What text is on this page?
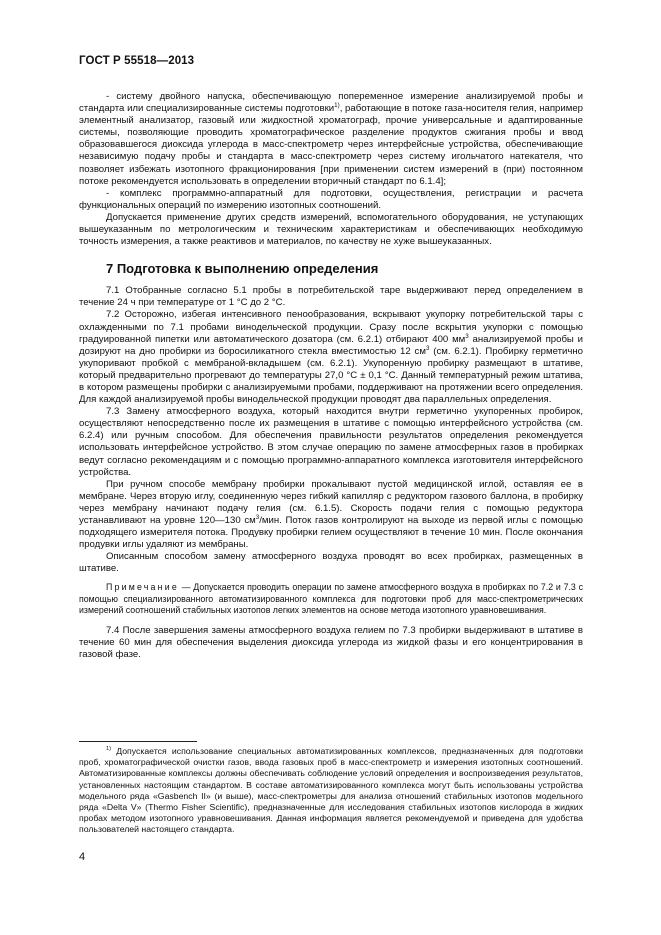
ГОСТ Р 55518—2013

- систему двойного напуска, обеспечивающую попеременное измерение анализируемой пробы и стандарта или специализированные системы подготовки$^{1)}$, работающие в потоке газа-носителя гелия, например элементный анализатор, газовый или жидкостной хроматограф, прочие универсальные и адаптированные системы, позволяющие проводить хроматографическое разделение продуктов сжигания пробы и ввод образовавшегося диоксида углерода в масс-спектрометр через интерфейсные устройства, обеспечивающие независимую подачу пробы и стандарта в масс-спектрометр через систему игольчатого натекателя, что позволяет избежать изотопного фракционирования [при применении систем измерений в (при) постоянном потоке рекомендуется использовать в определении вторичный стандарт по 6.1.4];

- комплекс программно-аппаратный для подготовки, осуществления, регистрации и расчета функциональных операций по измерению изотопных соотношений.

Допускается применение других средств измерений, вспомогательного оборудования, не уступающих вышеуказанным по метрологическим и техническим характеристикам и обеспечивающих необходимую точность измерения, а также реактивов и материалов, по качеству не хуже вышеуказанных.

7 Подготовка к выполнению определения

7.1 Отобранные согласно 5.1 пробы в потребительской таре выдерживают перед определением в течение 24 ч при температуре от 1 °С до 2 °С.

7.2 Осторожно, избегая интенсивного пенообразования, вскрывают укупорку потребительской тары с охлажденными по 7.1 пробами винодельческой продукции. Сразу после вскрытия укупорки с помощью градуированной пипетки или автоматического дозатора (см. 6.2.1) отбирают 400 $мм^3$ анализируемой пробы и дозируют на дно пробирки из боросиликатного стекла вместимостью 12 $см^3$ (см. 6.2.1). Пробирку герметично укупоривают пробкой с мембраной-вкладышем (см. 6.2.1). Укупоренную пробирку размещают в штативе, который предварительно прогревают до температуры 27,0 °С ± 0,1 °С. Данный температурный режим штатива, в котором размещены пробирки с анализируемыми пробами, поддерживают на протяжении всего определения. Для каждой анализируемой пробы винодельческой продукции проводят два параллельных определения.

7.3 Замену атмосферного воздуха, который находится внутри герметично укупоренных пробирок, осуществляют непосредственно после их размещения в штативе с помощью интерфейсного устройства (см. 6.2.4) или ручным способом. Для обеспечения правильности результатов определения рекомендуется использовать интерфейсное устройство. В этом случае операцию по замене атмосферных газов в пробирках ведут согласно рекомендациям и с помощью программно-аппаратного комплекса изготовителя интерфейсного устройства.

При ручном способе мембрану пробирки прокалывают пустой медицинской иглой, оставляя ее в мембране. Через вторую иглу, соединенную через гибкий капилляр с редуктором газового баллона, в пробирку через мембрану начинают подачу гелия (см. 6.1.5). Скорость подачи гелия с помощью редуктора устанавливают на уровне 120—130 $см^3$/мин. Поток газов контролируют на выходе из первой иглы с помощью подходящего измерителя потока. Продувку пробирки гелием осуществляют в течение 10 мин. После окончания продувки иглы удаляют из мембраны.

Описанным способом замену атмосферного воздуха проводят во всех пробирках, размещенных в штативе.

Примечание — Допускается проводить операции по замене атмосферного воздуха в пробирках по 7.2 и 7.3 с помощью специализированного автоматизированного комплекса для подготовки проб для масс-спектрометрических измерений соотношений стабильных изотопов легких элементов на основе метода изотопного уравновешивания.

7.4 После завершения замены атмосферного воздуха гелием по 7.3 пробирки выдерживают в штативе в течение 60 мин для обеспечения выделения диоксида углерода из жидкой фазы и его концентрирования в газовой фазе.

$^{1)}$ Допускается использование специальных автоматизированных комплексов, предназначенных для подготовки проб, хроматографической очистки газов, ввода газовых проб в масс-спектрометр и измерения изотопных соотношений. Автоматизированные комплексы должны обеспечивать соблюдение условий определения и воспроизведения результатов, установленных настоящим стандартом. В составе автоматизированного комплекса могут быть использованы устройства модельного ряда «Gasbench II» (и выше), масс-спектрометры для анализа отношений стабильных изотопов модельного ряда «Delta V» (Thermo Fisher Scientific), предназначенные для исследования стабильных изотопов кислорода в жидких пробах методом изотопного уравновешивания. Данная информация является рекомендуемой и приведена для удобства пользователей настоящего стандарта.
4
